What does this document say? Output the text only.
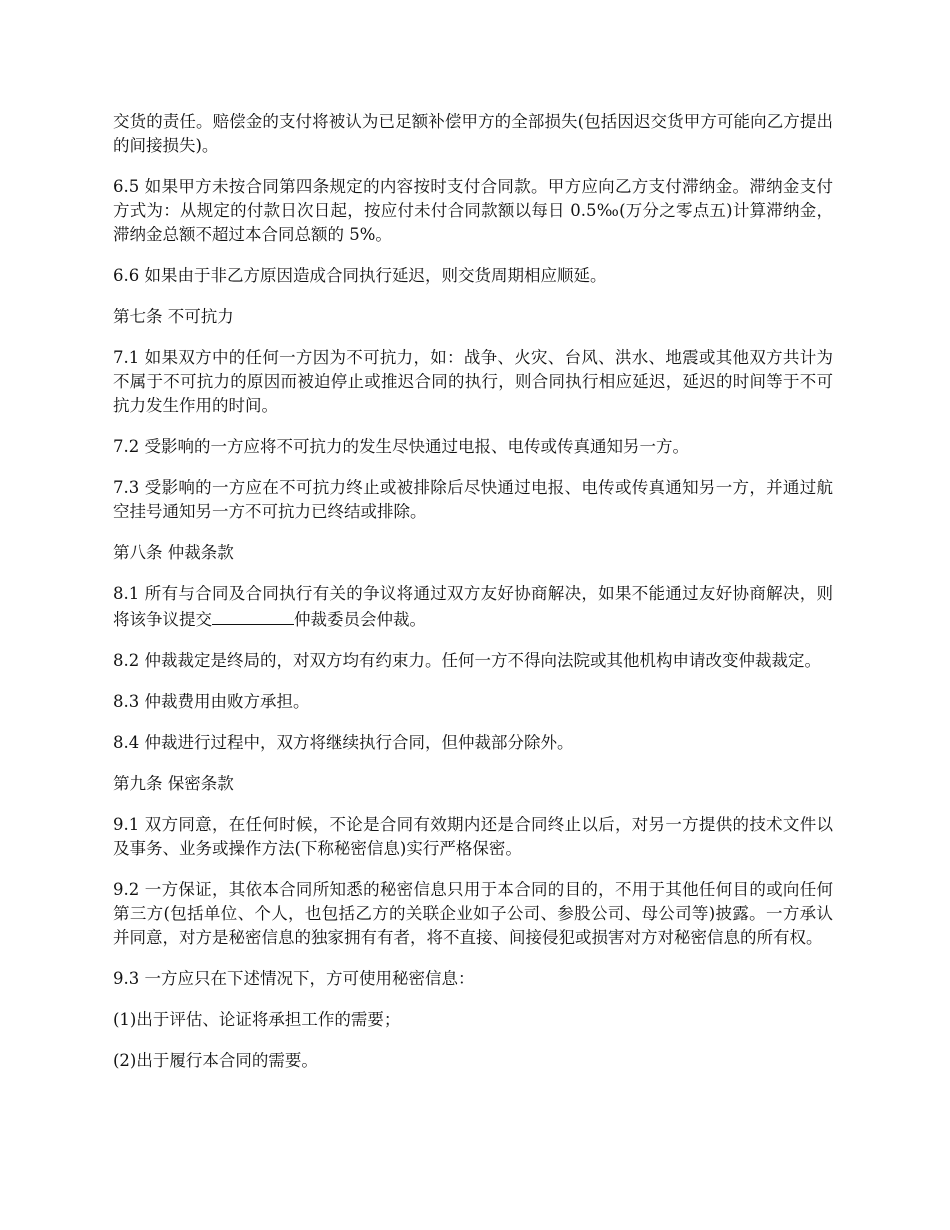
交货的责任。赔偿金的支付将被认为已足额补偿甲方的全部损失(包括因迟交货甲方可能向乙方提出的间接损失)。

6.5 如果甲方未按合同第四条规定的内容按时支付合同款。甲方应向乙方支付滞纳金。滞纳金支付方式为：从规定的付款日次日起，按应付未付合同款额以每日 0.5‰(万分之零点五)计算滞纳金，滞纳金总额不超过本合同总额的 5%。

6.6 如果由于非乙方原因造成合同执行延迟，则交货周期相应顺延。

第七条 不可抗力

7.1 如果双方中的任何一方因为不可抗力，如：战争、火灾、台风、洪水、地震或其他双方共计为不属于不可抗力的原因而被迫停止或推迟合同的执行，则合同执行相应延迟，延迟的时间等于不可抗力发生作用的时间。

7.2 受影响的一方应将不可抗力的发生尽快通过电报、电传或传真通知另一方。

7.3 受影响的一方应在不可抗力终止或被排除后尽快通过电报、电传或传真通知另一方，并通过航空挂号通知另一方不可抗力已终结或排除。

第八条 仲裁条款

8.1 所有与合同及合同执行有关的争议将通过双方友好协商解决，如果不能通过友好协商解决，则将该争议提交	仲裁委员会仲裁。

8.2 仲裁裁定是终局的，对双方均有约束力。任何一方不得向法院或其他机构申请改变仲裁裁定。

8.3 仲裁费用由败方承担。

8.4 仲裁进行过程中，双方将继续执行合同，但仲裁部分除外。

第九条 保密条款

9.1 双方同意，在任何时候，不论是合同有效期内还是合同终止以后，对另一方提供的技术文件以及事务、业务或操作方法(下称秘密信息)实行严格保密。

9.2 一方保证，其依本合同所知悉的秘密信息只用于本合同的目的，不用于其他任何目的或向任何第三方(包括单位、个人，也包括乙方的关联企业如子公司、参股公司、母公司等)披露。一方承认并同意，对方是秘密信息的独家拥有有者，将不直接、间接侵犯或损害对方对秘密信息的所有权。

9.3 一方应只在下述情况下，方可使用秘密信息：

(1)出于评估、论证将承担工作的需要；

(2)出于履行本合同的需要。
